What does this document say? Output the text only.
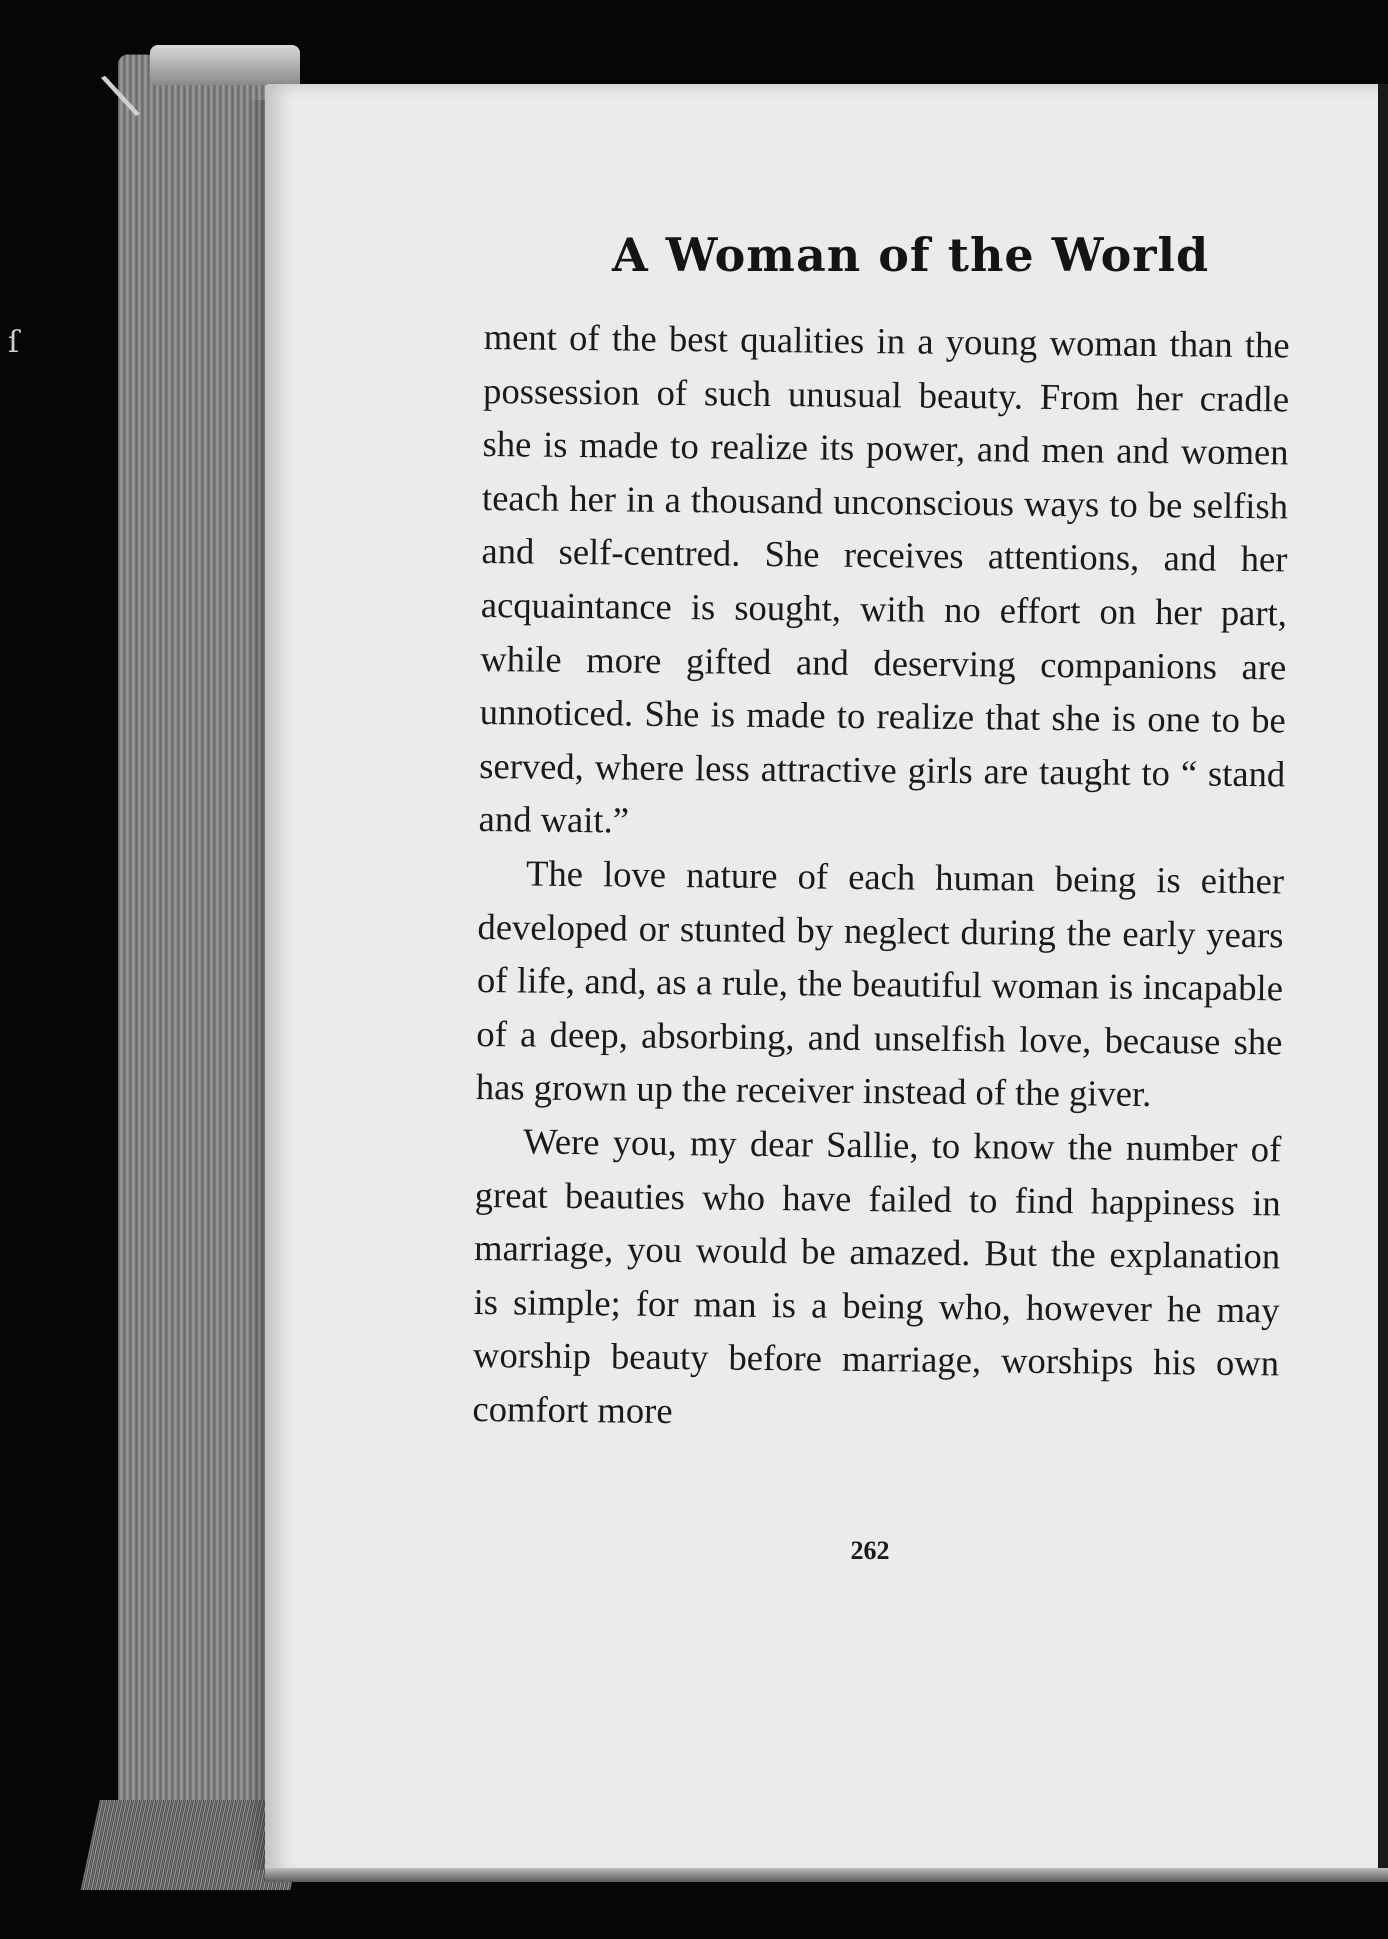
\
ſ
A Woman of the World

ment of the best qualities in a young woman than the possession of such unusual beauty. From her cradle she is made to realize its power, and men and women teach her in a thousand unconscious ways to be selfish and self-centred. She receives attentions, and her acquaintance is sought, with no effort on her part, while more gifted and deserving companions are unnoticed. She is made to realize that she is one to be served, where less attractive girls are taught to “ stand and wait.”

The love nature of each human being is either developed or stunted by neglect during the early years of life, and, as a rule, the beautiful woman is incapable of a deep, absorbing, and unselfish love, because she has grown up the receiver instead of the giver.

Were you, my dear Sallie, to know the number of great beauties who have failed to find happiness in marriage, you would be amazed. But the explanation is simple; for man is a being who, however he may worship beauty before marriage, worships his own comfort more

262
